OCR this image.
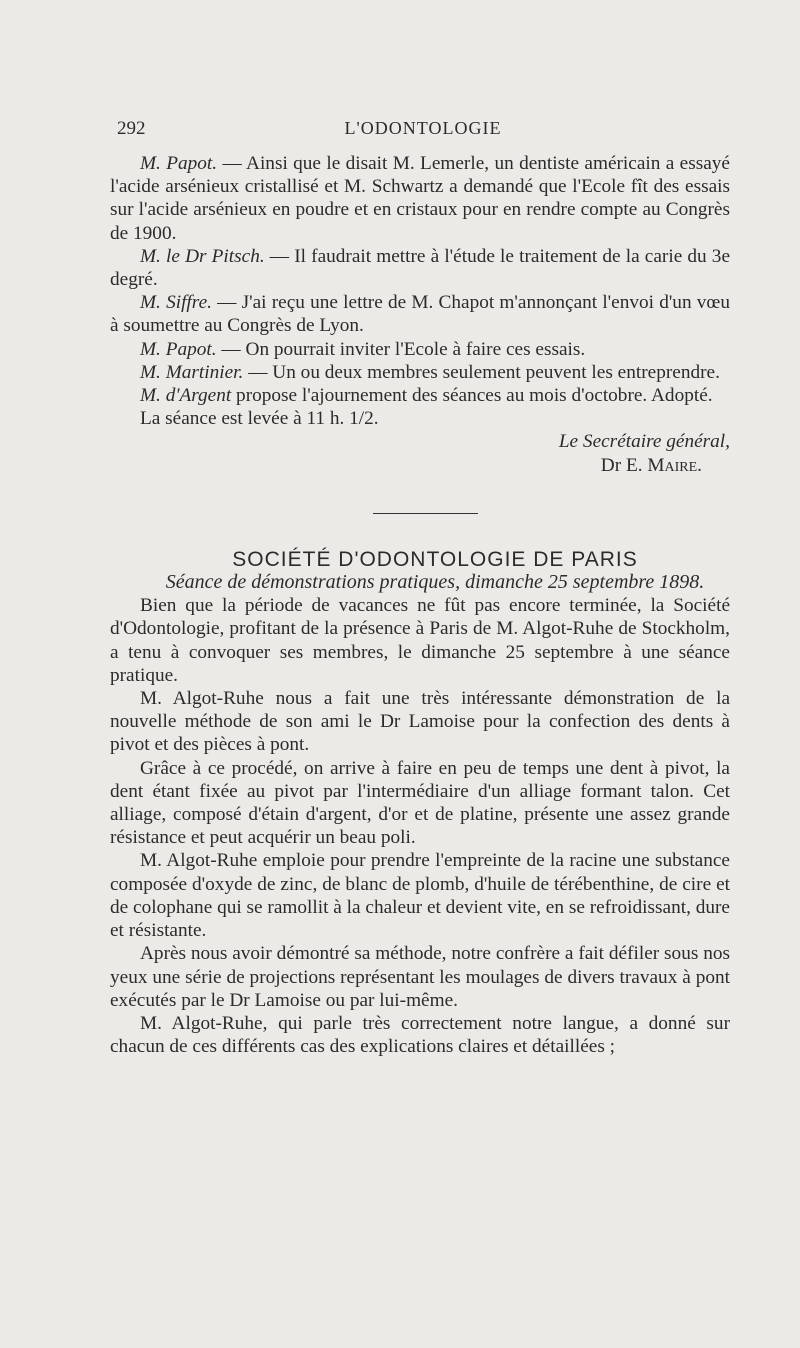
292	L'ODONTOLOGIE

M. Papot. — Ainsi que le disait M. Lemerle, un dentiste américain a essayé l'acide arsénieux cristallisé et M. Schwartz a demandé que l'Ecole fît des essais sur l'acide arsénieux en poudre et en cristaux pour en rendre compte au Congrès de 1900.

M. le Dr Pitsch. — Il faudrait mettre à l'étude le traitement de la carie du 3e degré.

M. Siffre. — J'ai reçu une lettre de M. Chapot m'annonçant l'envoi d'un vœu à soumettre au Congrès de Lyon.

M. Papot. — On pourrait inviter l'Ecole à faire ces essais.

M. Martinier. — Un ou deux membres seulement peuvent les entreprendre.

M. d'Argent propose l'ajournement des séances au mois d'octobre. Adopté.

La séance est levée à 11 h. 1/2.

Le Secrétaire général,

Dr E. Maire.

SOCIÉTÉ D'ODONTOLOGIE DE PARIS

Séance de démonstrations pratiques, dimanche 25 septembre 1898.

Bien que la période de vacances ne fût pas encore terminée, la Société d'Odontologie, profitant de la présence à Paris de M. Algot-Ruhe de Stockholm, a tenu à convoquer ses membres, le dimanche 25 septembre à une séance pratique.

M. Algot-Ruhe nous a fait une très intéressante démonstration de la nouvelle méthode de son ami le Dr Lamoise pour la confection des dents à pivot et des pièces à pont.

Grâce à ce procédé, on arrive à faire en peu de temps une dent à pivot, la dent étant fixée au pivot par l'intermédiaire d'un alliage formant talon. Cet alliage, composé d'étain d'argent, d'or et de platine, présente une assez grande résistance et peut acquérir un beau poli.

M. Algot-Ruhe emploie pour prendre l'empreinte de la racine une substance composée d'oxyde de zinc, de blanc de plomb, d'huile de térébenthine, de cire et de colophane qui se ramollit à la chaleur et devient vite, en se refroidissant, dure et résistante.

Après nous avoir démontré sa méthode, notre confrère a fait défiler sous nos yeux une série de projections représentant les moulages de divers travaux à pont exécutés par le Dr Lamoise ou par lui-même.

M. Algot-Ruhe, qui parle très correctement notre langue, a donné sur chacun de ces différents cas des explications claires et détaillées ;
